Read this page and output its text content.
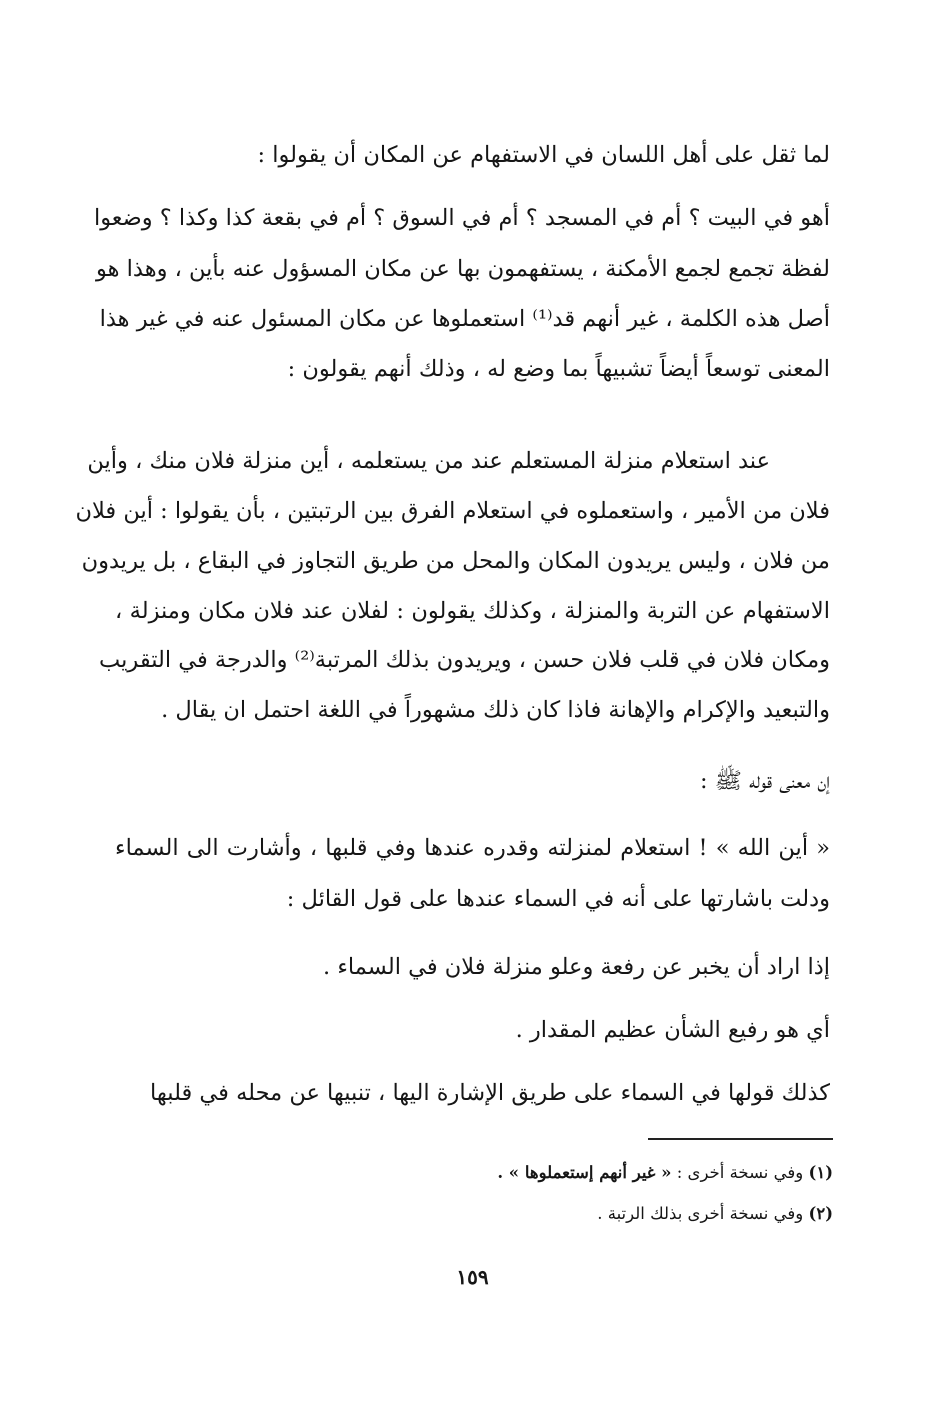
لما ثقل على أهل اللسان في الاستفهام عن المكان أن يقولوا :
أهو في البيت ؟ أم في المسجد ؟ أم في السوق ؟ أم في بقعة كذا وكذا ؟ وضعوا
لفظة تجمع لجمع الأمكنة ، يستفهمون بها عن مكان المسؤول عنه بأين ، وهذا هو
أصل هذه الكلمة ، غير أنهم قد⁽¹⁾ استعملوها عن مكان المسئول عنه في غير هذا
المعنى توسعاً أيضاً تشبيهاً بما وضع له ، وذلك أنهم يقولون :
عند استعلام منزلة المستعلم عند من يستعلمه ، أين منزلة فلان منك ، وأين
فلان من الأمير ، واستعملوه في استعلام الفرق بين الرتبتين ، بأن يقولوا : أين فلان
من فلان ، وليس يريدون المكان والمحل من طريق التجاوز في البقاع ، بل يريدون
الاستفهام عن التربة والمنزلة ، وكذلك يقولون : لفلان عند فلان مكان ومنزلة ،
ومكان فلان في قلب فلان حسن ، ويريدون بذلك المرتبة⁽²⁾ والدرجة في التقريب
والتبعيد والإكرام والإهانة فاذا كان ذلك مشهوراً في اللغة احتمل ان يقال .
إن معنى قوله ﷺ :
« أين الله » ! استعلام لمنزلته وقدره عندها وفي قلبها ، وأشارت الى السماء
ودلت باشارتها على أنه في السماء عندها على قول القائل :
إذا اراد أن يخبر عن رفعة وعلو منزلة فلان في السماء .
أي هو رفيع الشأن عظيم المقدار .
كذلك قولها في السماء على طريق الإشارة اليها ، تنبيها عن محله في قلبها
(١) وفي نسخة أخرى : « غير أنهم إستعملوها » .
(٢) وفي نسخة أخرى بذلك الرتبة .
١٥٩
